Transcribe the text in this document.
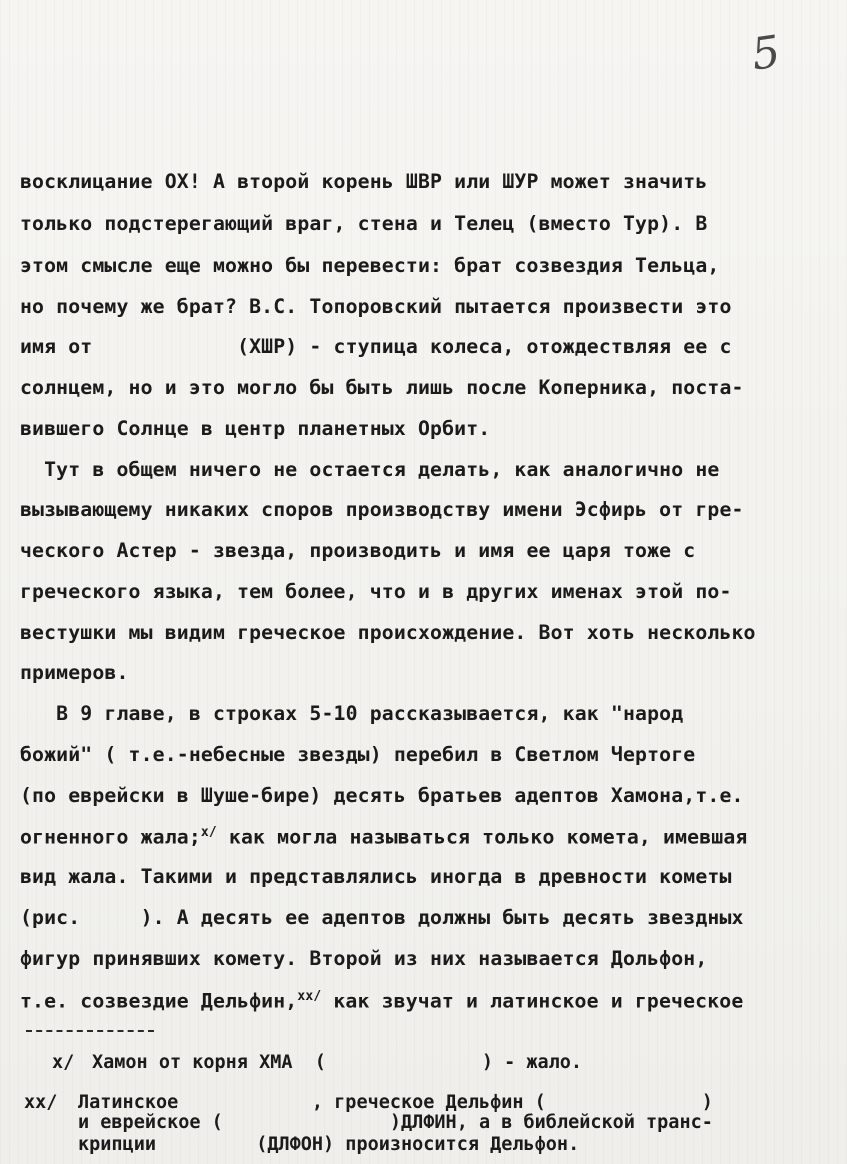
5
восклицание ОХ! А второй корень ШВР или ШУР может значить
только подстерегающий враг, стена и Телец (вместо Тур). В
этом смысле еще можно бы перевести: брат созвездия Тельца,
но почему же брат? В.С. Топоровский пытается произвести это
имя от            (ХШР) - ступица колеса, отождествляя ее с
солнцем, но и это могло бы быть лишь после Коперника, поста-
вившего Солнце в центр планетных Орбит.
Тут в общем ничего не остается делать, как аналогично не
вызывающему никаких споров производству имени Эсфирь от гре-
ческого Астер - звезда, производить и имя ее царя тоже с
греческого языка, тем более, что и в других именах этой по-
вестушки мы видим греческое происхождение. Вот хоть несколько
примеров.
В 9 главе, в строках 5-10 рассказывается, как "народ
божий" ( т.е.-небесные звезды) перебил в Светлом Чертоге
(по еврейски в Шуше-бире) десять братьев адептов Хамона,т.е.
огненного жала;$^{x/}$ как могла называться только комета, имевшая
вид жала. Такими и представлялись иногда в древности кометы
(рис.     ). А десять ее адептов должны быть десять звездных
фигур принявших комету. Второй из них называется Дольфон,
т.е. созвездие Дельфин,$^{xx/}$ как звучат и латинское и греческое
x/ Хамон от корня ХМА  (              ) - жало.
xx/ Латинское            , греческое Дельфин (              )
и еврейское (               )ДЛФИН, а в библейской транс-
крипции         (ДЛФОН) произносится Дельфон.
